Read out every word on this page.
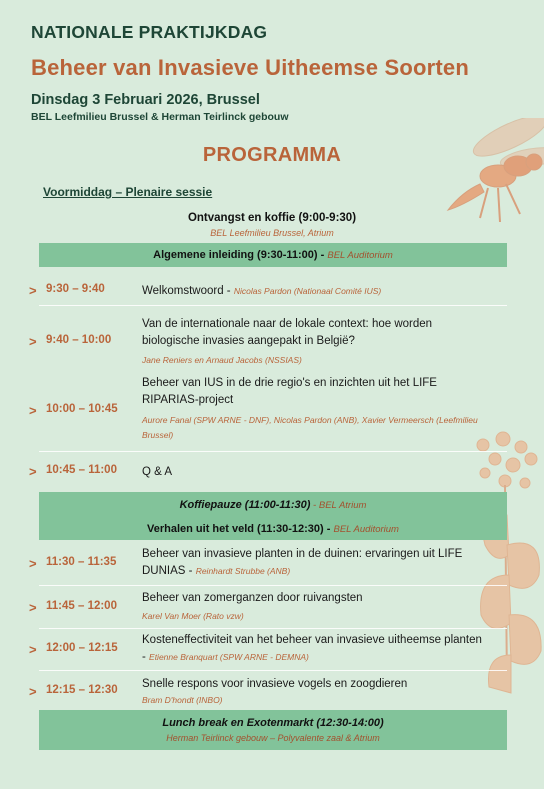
NATIONALE PRAKTIJKDAG
Beheer van Invasieve Uitheemse Soorten
Dinsdag 3 Februari 2026, Brussel
BEL Leefmilieu Brussel & Herman Teirlinck gebouw
PROGRAMMA
Voormiddag – Plenaire sessie
Ontvangst en koffie (9:00-9:30)
BEL Leefmilieu Brussel, Atrium
Algemene inleiding (9:30-11:00) - BEL Auditorium
> 9:30 – 9:40	Welkomstwoord - Nicolas Pardon (Nationaal Comité IUS)
> 9:40 – 10:00
Van de internationale naar de lokale context: hoe worden biologische invasies aangepakt in België?
Jane Reniers en Arnaud Jacobs (NSSIAS)
> 10:00 – 10:45
Beheer van IUS in de drie regio's en inzichten uit het LIFE RIPARIAS-project
Aurore Fanal (SPW ARNE - DNF), Nicolas Pardon (ANB), Xavier Vermeersch (Leefmilieu Brussel)
> 10:45 – 11:00 Q & A
Koffiepauze (11:00-11:30) - BEL Atrium
Verhalen uit het veld (11:30-12:30) - BEL Auditorium
> 11:30 – 11:35
Beheer van invasieve planten in de duinen: ervaringen uit LIFE DUNIAS - Reinhardt Strubbe (ANB)
> 11:45 – 12:00
Beheer van zomerganzen door ruivangsten
Karel Van Moer (Rato vzw)
> 12:00 – 12:15
Kosteneffectiviteit van het beheer van invasieve uitheemse planten - Etienne Branquart (SPW ARNE - DEMNA)
> 12:15 – 12:30 Snelle respons voor invasieve vogels en zoogdieren
Bram D'hondt (INBO)
Lunch break en Exotenmarkt (12:30-14:00)
Herman Teirlinck gebouw – Polyvalente zaal & Atrium
